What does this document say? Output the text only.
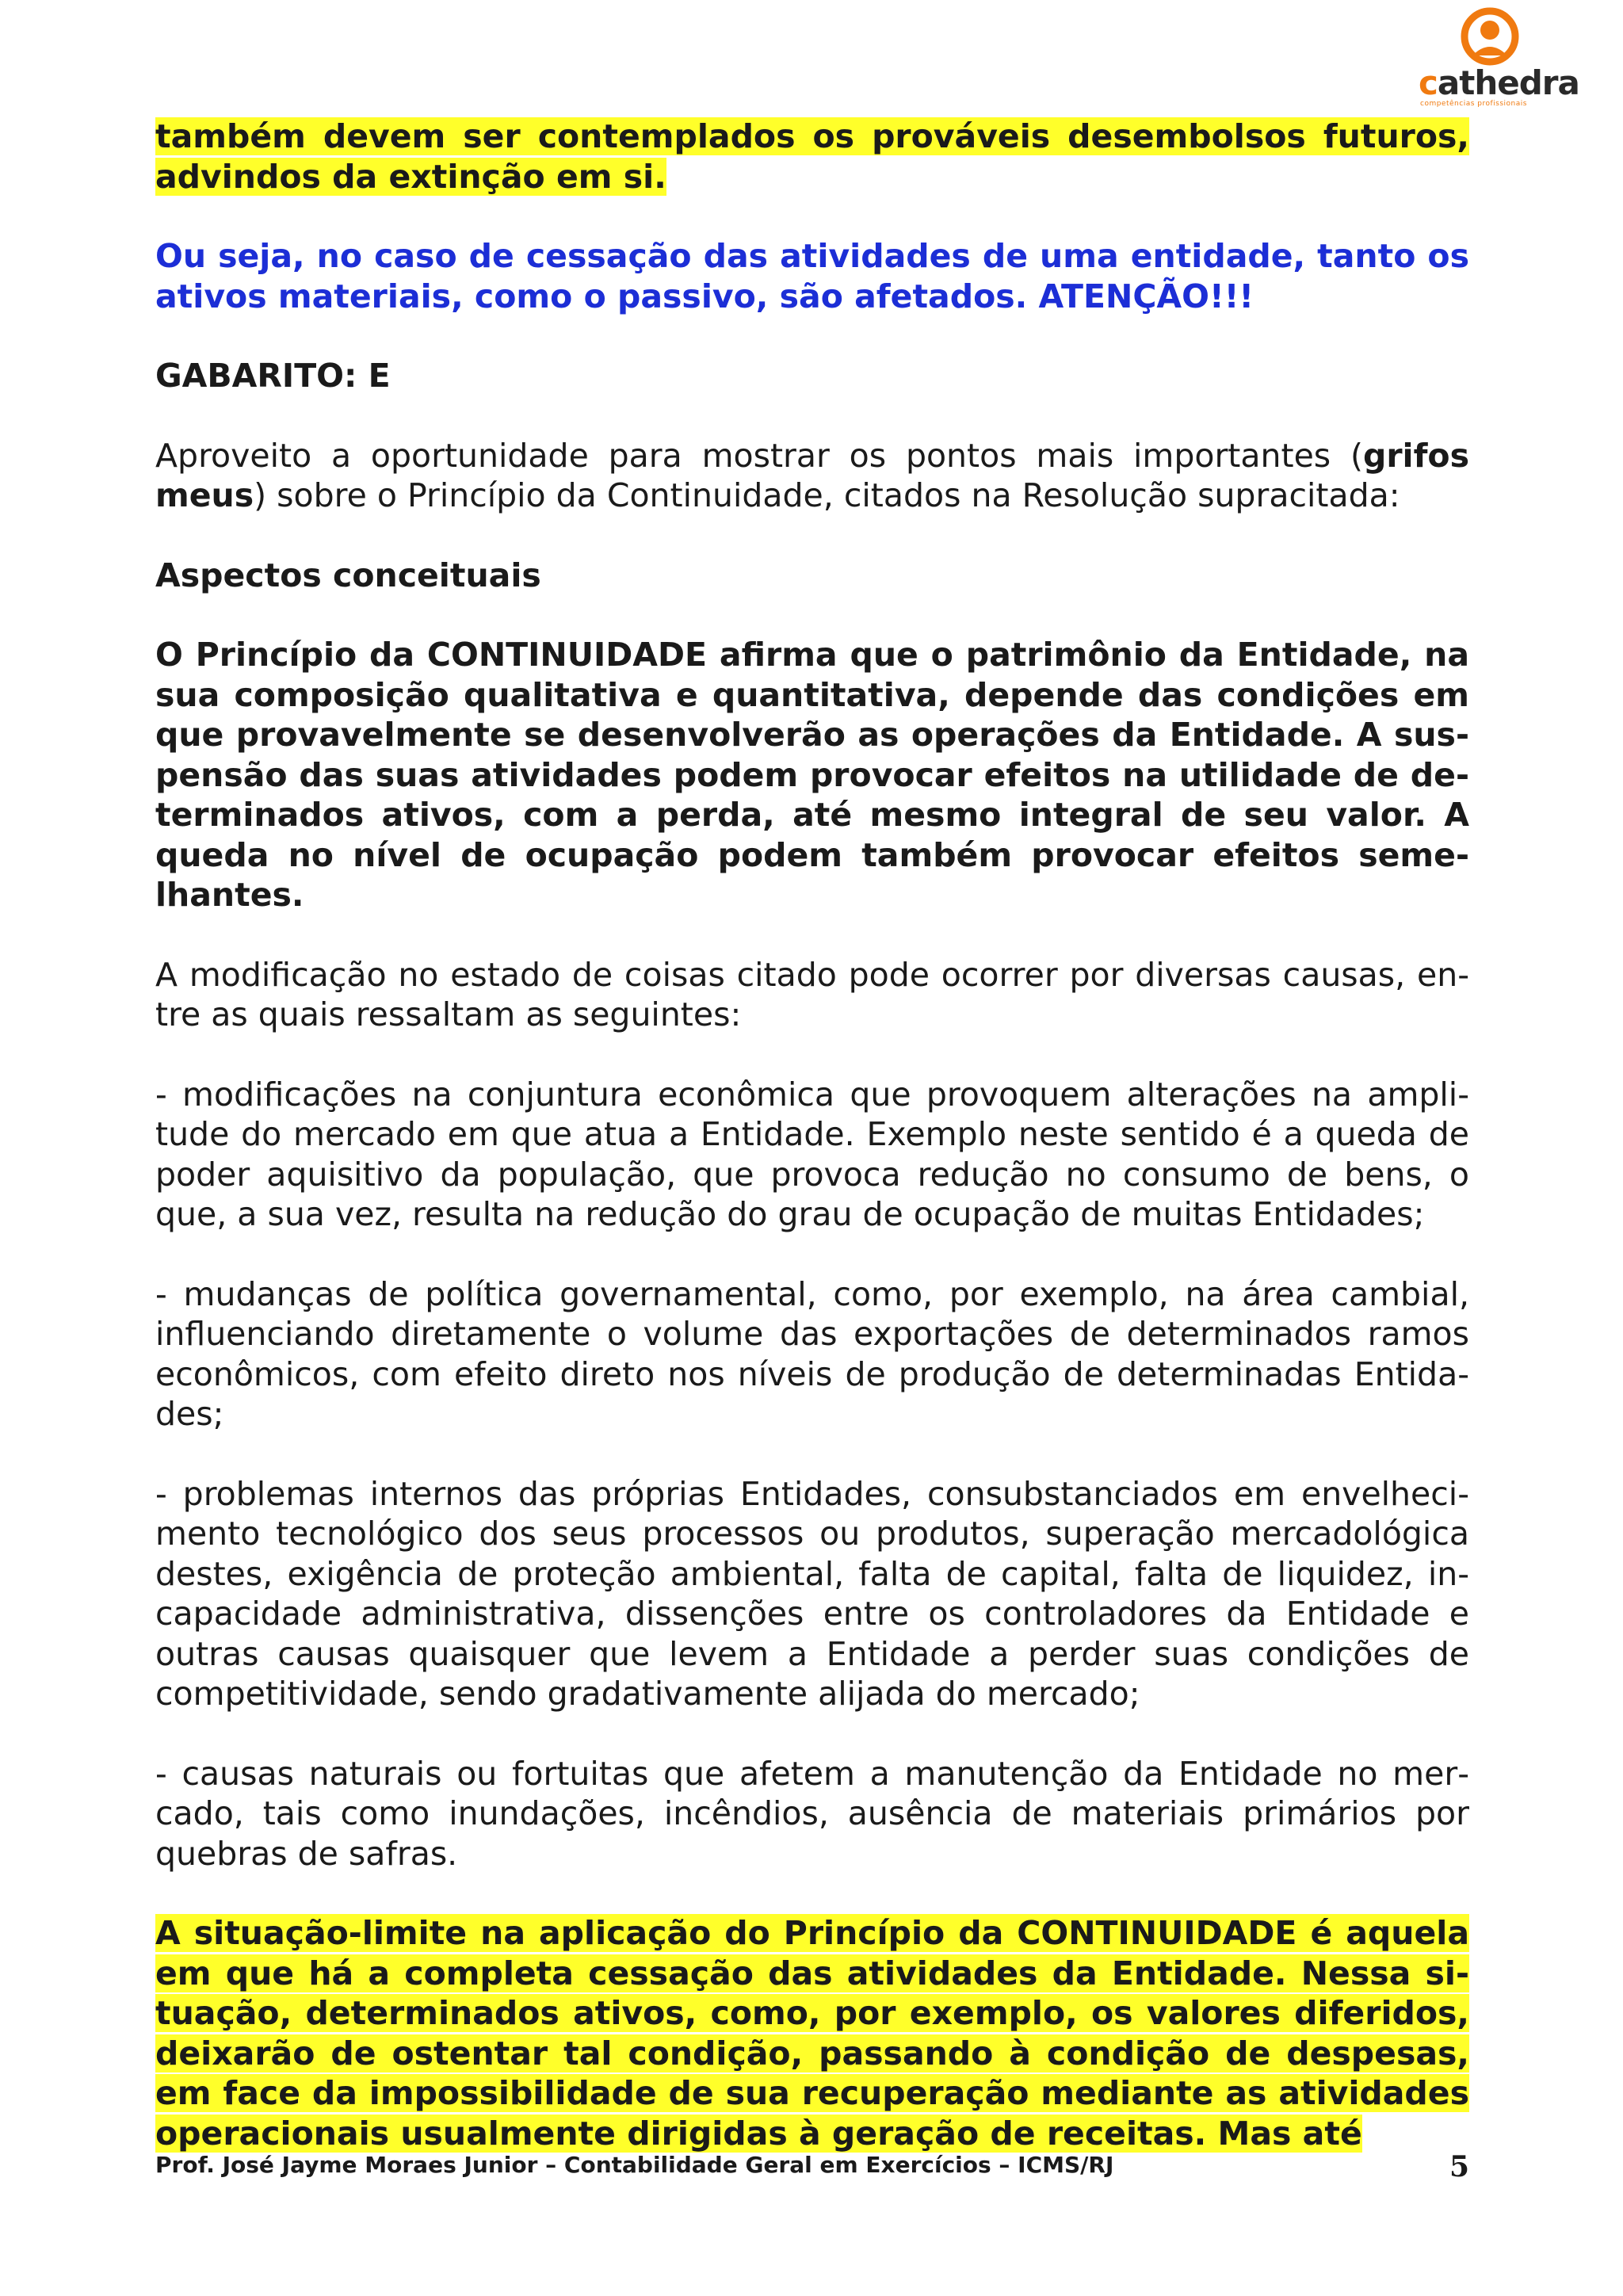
cathedra
competências profissionais

também devem ser contemplados os prováveis desembolsos futuros, advindos da extinção em si.

Ou seja, no caso de cessação das atividades de uma entidade, tanto os ativos materiais, como o passivo, são afetados. ATENÇÃO!!!

GABARITO: E

Aproveito a oportunidade para mostrar os pontos mais importantes (grifos meus) sobre o Princípio da Continuidade, citados na Resolução supracitada:

Aspectos conceituais

O Princípio da CONTINUIDADE afirma que o patrimônio da Entidade, na sua composição qualitativa e quantitativa, depende das condições em que provavelmente se desenvolverão as operações da Entidade. A suspensão das suas atividades podem provocar efeitos na utilidade de determinados ativos, com a perda, até mesmo integral de seu valor. A queda no nível de ocupação podem também provocar efeitos semelhantes.

A modificação no estado de coisas citado pode ocorrer por diversas causas, entre as quais ressaltam as seguintes:

- modificações na conjuntura econômica que provoquem alterações na amplitude do mercado em que atua a Entidade. Exemplo neste sentido é a queda de poder aquisitivo da população, que provoca redução no consumo de bens, o que, a sua vez, resulta na redução do grau de ocupação de muitas Entidades;

- mudanças de política governamental, como, por exemplo, na área cambial, influenciando diretamente o volume das exportações de determinados ramos econômicos, com efeito direto nos níveis de produção de determinadas Entidades;

- problemas internos das próprias Entidades, consubstanciados em envelhecimento tecnológico dos seus processos ou produtos, superação mercadológica destes, exigência de proteção ambiental, falta de capital, falta de liquidez, incapacidade administrativa, dissenções entre os controladores da Entidade e outras causas quaisquer que levem a Entidade a perder suas condições de competitividade, sendo gradativamente alijada do mercado;

- causas naturais ou fortuitas que afetem a manutenção da Entidade no mercado, tais como inundações, incêndios, ausência de materiais primários por quebras de safras.

A situação-limite na aplicação do Princípio da CONTINUIDADE é aquela em que há a completa cessação das atividades da Entidade. Nessa situação, determinados ativos, como, por exemplo, os valores diferidos, deixarão de ostentar tal condição, passando à condição de despesas, em face da impossibilidade de sua recuperação mediante as atividades operacionais usualmente dirigidas à geração de receitas. Mas até

Prof. José Jayme Moraes Junior – Contabilidade Geral em Exercícios – ICMS/RJ	5
